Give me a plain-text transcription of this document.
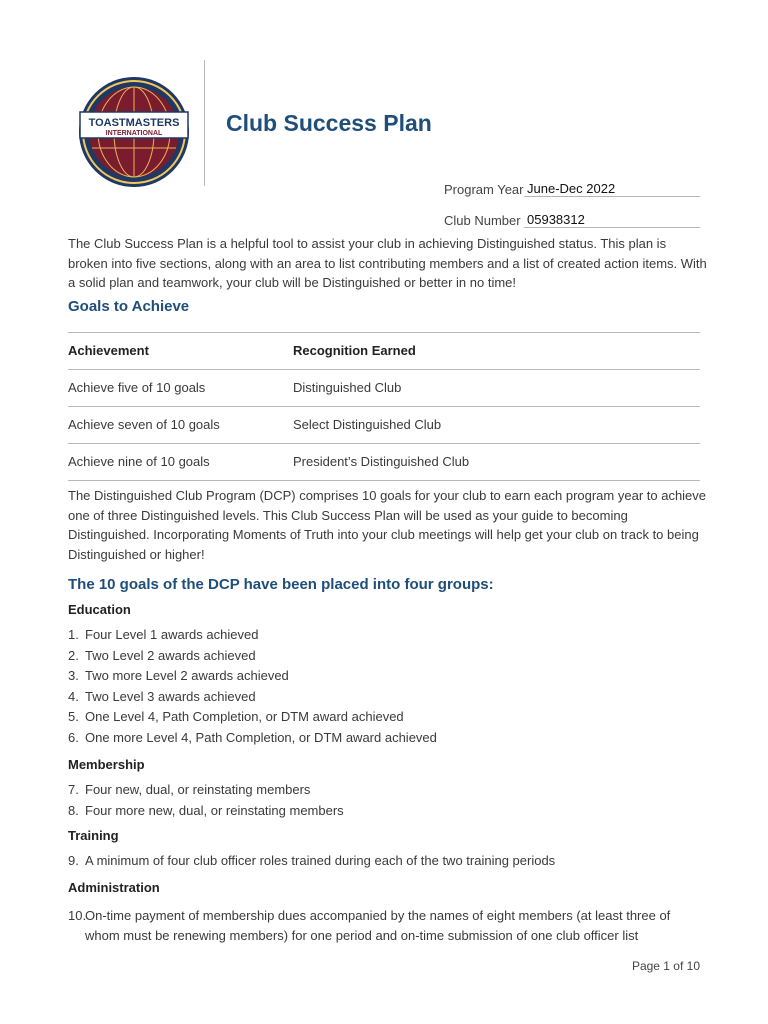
TOASTMASTERS
INTERNATIONAL	Club Success Plan
Program Year June-Dec 2022
Club Number 05938312
The Club Success Plan is a helpful tool to assist your club in achieving Distinguished status. This plan is broken into five sections, along with an area to list contributing members and a list of created action items. With a solid plan and teamwork, your club will be Distinguished or better in no time!
Goals to Achieve
Achievement	Recognition Earned
Achieve five of 10 goals	Distinguished Club
Achieve seven of 10 goals	Select Distinguished Club
Achieve nine of 10 goals	President’s Distinguished Club
The Distinguished Club Program (DCP) comprises 10 goals for your club to earn each program year to achieve one of three Distinguished levels. This Club Success Plan will be used as your guide to becoming Distinguished. Incorporating Moments of Truth into your club meetings will help get your club on track to being Distinguished or higher!
The 10 goals of the DCP have been placed into four groups:
Education
1. Four Level 1 awards achieved
2. Two Level 2 awards achieved
3. Two more Level 2 awards achieved
4. Two Level 3 awards achieved
5. One Level 4, Path Completion, or DTM award achieved
6. One more Level 4, Path Completion, or DTM award achieved
Membership
7. Four new, dual, or reinstating members
8. Four more new, dual, or reinstating members
Training
9. A minimum of four club officer roles trained during each of the two training periods
Administration
10.
On-time payment of membership dues accompanied by the names of eight members (at least three of whom must be renewing members) for one period and on-time submission of one club officer list
Page 1 of 10
